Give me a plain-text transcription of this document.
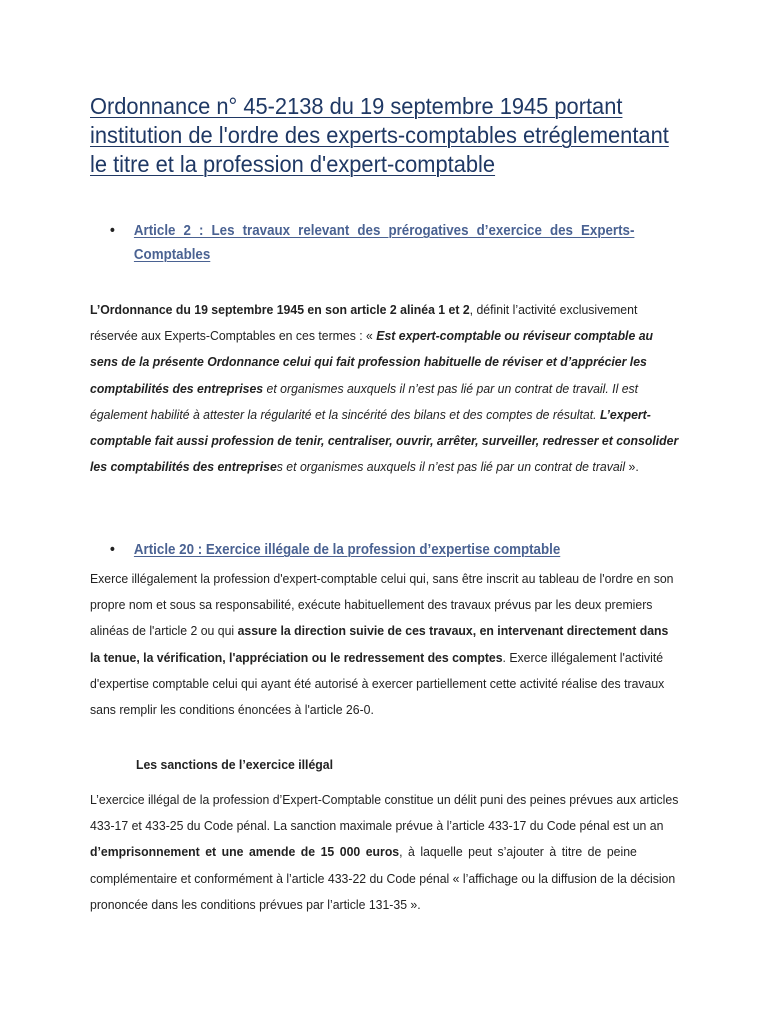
Ordonnance n° 45-2138 du 19 septembre 1945 portant
institution de l'ordre des experts-comptables et réglementant
le titre et la profession d'expert-comptable
• Article 2 : Les travaux relevant des prérogatives d’exercice des Experts-
Comptables
L’Ordonnance du 19 septembre 1945 en son article 2 alinéa 1 et 2 , définit l’activité exclusivement
réservée aux Experts-Comptables en ces termes : « Est expert-comptable ou réviseur comptable au
sens de la présente Ordonnance celui qui fait profession habituelle de réviser et d’apprécier les
comptabilités des entreprises et organismes auxquels il n’est pas lié par un contrat de travail. Il est
également habilité à attester la régularité et la sincérité des bilans et des comptes de résultat. L’expert-
comptable fait aussi profession de tenir, centraliser, ouvrir, arrêter, surveiller, redresser et consolider
les comptabilités des entreprises et organismes auxquels il n’est pas lié par un contrat de travail ».
•	Article 20 : Exercice illégale de la profession d’expertise comptable
Exerce illégalement la profession d'expert-comptable celui qui, sans être inscrit au tableau de l'ordre en son
propre nom et sous sa responsabilité, exécute habituellement des travaux prévus par les deux premiers
alinéas de l'article 2 ou qui assure la direction suivie de ces travaux, en intervenant directement dans
la tenue, la vérification, l'appréciation ou le redressement des comptes. Exerce illégalement l'activité
d'expertise comptable celui qui ayant été autorisé à exercer partiellement cette activité réalise des travaux
sans remplir les conditions énoncées à l'article 26-0.
Les sanctions de l’exercice illégal
L’exercice illégal de la profession d’Expert-Comptable constitue un délit puni des peines prévues aux articles
433-17 et 433-25 du Code pénal. La sanction maximale prévue à l’article 433-17 du Code pénal est un an
d’emprisonnement et une amende de 15 000 euros, à laquelle peut s’ajouter à titre de peine
complémentaire et conformément à l’article 433-22 du Code pénal « l’affichage ou la diffusion de la décision
prononcée dans les conditions prévues par l’article 131-35 ».
